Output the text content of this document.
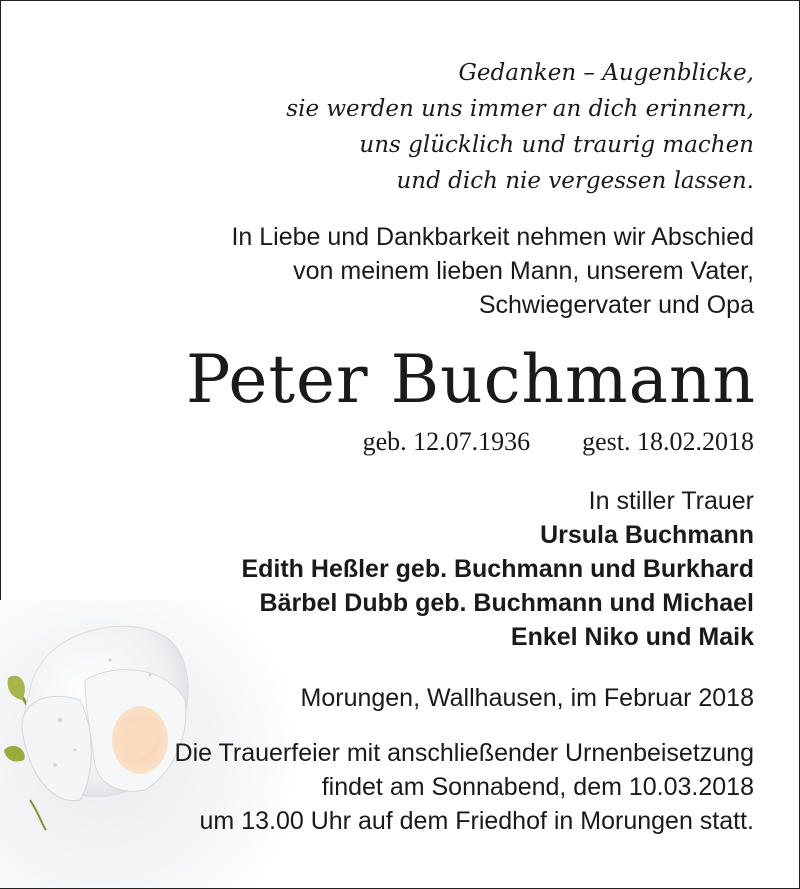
Gedanken – Augenblicke,
sie werden uns immer an dich erinnern,
uns glücklich und traurig machen
und dich nie vergessen lassen.
In Liebe und Dankbarkeit nehmen wir Abschied
von meinem lieben Mann, unserem Vater,
Schwiegervater und Opa
Peter Buchmann
geb. 12.07.1936 gest. 18.02.2018
In stiller Trauer
Ursula Buchmann
Edith Heßler geb. Buchmann und Burkhard
Bärbel Dubb geb. Buchmann und Michael
Enkel Niko und Maik
Morungen, Wallhausen, im Februar 2018
Die Trauerfeier mit anschließender Urnenbeisetzung
findet am Sonnabend, dem 10.03.2018
um 13.00 Uhr auf dem Friedhof in Morungen statt.
